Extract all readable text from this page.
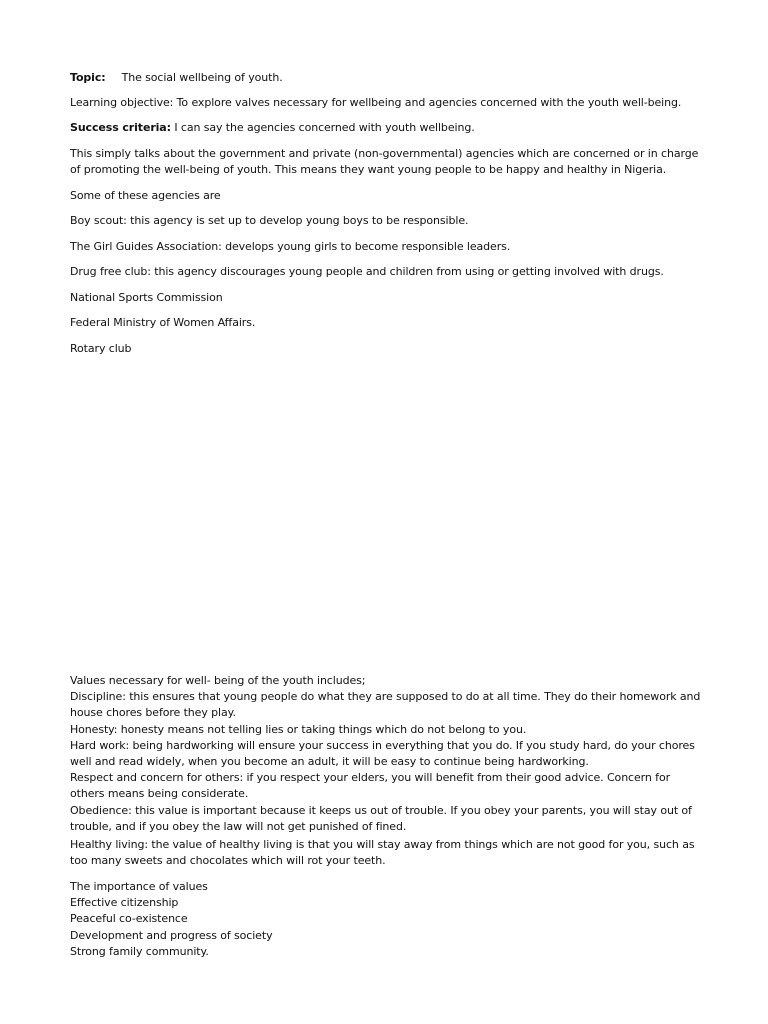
Topic: The social wellbeing of youth.
Learning objective: To explore valves necessary for wellbeing and agencies concerned with the youth well-being.
Success criteria: I can say the agencies concerned with youth wellbeing.
This simply talks about the government and private (non-governmental) agencies which are concerned or in charge
of promoting the well-being of youth. This means they want young people to be happy and healthy in Nigeria.
Some of these agencies are
Boy scout: this agency is set up to develop young boys to be responsible.
The Girl Guides Association: develops young girls to become responsible leaders.
Drug free club: this agency discourages young people and children from using or getting involved with drugs.
National Sports Commission
Federal Ministry of Women Affairs.
Rotary club
Values necessary for well- being of the youth includes;
Discipline: this ensures that young people do what they are supposed to do at all time. They do their homework and
house chores before they play.
Honesty: honesty means not telling lies or taking things which do not belong to you.
Hard work: being hardworking will ensure your success in everything that you do. If you study hard, do your chores
well and read widely, when you become an adult, it will be easy to continue being hardworking.
Respect and concern for others: if you respect your elders, you will benefit from their good advice. Concern for
others means being considerate.
Obedience: this value is important because it keeps us out of trouble. If you obey your parents, you will stay out of
trouble, and if you obey the law will not get punished of fined.
Healthy living: the value of healthy living is that you will stay away from things which are not good for you, such as
too many sweets and chocolates which will rot your teeth.
The importance of values
Effective citizenship
Peaceful co-existence
Development and progress of society
Strong family community.
